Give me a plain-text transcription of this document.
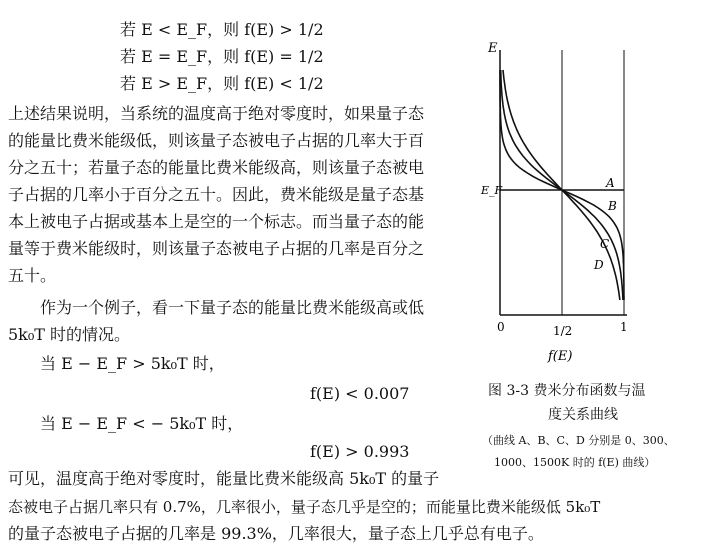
若 E < E_F，则 f(E) > 1/2
若 E = E_F，则 f(E) = 1/2
若 E > E_F，则 f(E) < 1/2
上述结果说明，当系统的温度高于绝对零度时，如果量子态
的能量比费米能级低，则该量子态被电子占据的几率大于百
分之五十；若量子态的能量比费米能级高，则该量子态被电
子占据的几率小于百分之五十。因此，费米能级是量子态基
本上被电子占据或基本上是空的一个标志。而当量子态的能
量等于费米能级时，则该量子态被电子占据的几率是百分之
五十。
作为一个例子，看一下量子态的能量比费米能级高或低
5k₀T 时的情况。
当 E − E_F > 5k₀T 时，
f(E) < 0.007
当 E − E_F < − 5k₀T 时，
f(E) > 0.993
可见，温度高于绝对零度时，能量比费米能级高 5k₀T 的量子
态被电子占据几率只有 0.7%，几率很小，量子态几乎是空的；而能量比费米能级低 5k₀T
的量子态被电子占据的几率是 99.3%，几率很大，量子态上几乎总有电子。
E
E_F
0	1/2	1
f(E)
A
B
C
D
图 3-3 费米分布函数与温
度关系曲线
（曲线 A、B、C、D 分别是 0、300、
1000、1500K 时的 f(E) 曲线）
